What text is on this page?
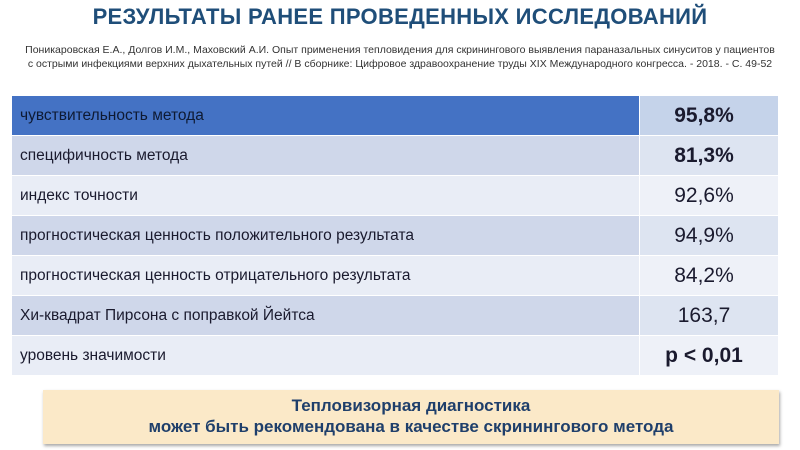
РЕЗУЛЬТАТЫ РАНЕЕ ПРОВЕДЕННЫХ ИССЛЕДОВАНИЙ
Поникаровская Е.А., Долгов И.М., Маховский А.И. Опыт применения тепловидения для скринингового выявления параназальных синуситов у пациентов с острыми инфекциями верхних дыхательных путей // В сборнике: Цифровое здравоохранение труды XIX Международного конгресса. - 2018. - С. 49-52
чувствительность метода	95,8%
специфичность метода	81,3%
индекс точности	92,6%
прогностическая ценность положительного результата	94,9%
прогностическая ценность отрицательного результата	84,2%
Хи-квадрат Пирсона с поправкой Йейтса	163,7
уровень значимости	p < 0,01
Тепловизорная диагностика
может быть рекомендована в качестве скринингового метода
